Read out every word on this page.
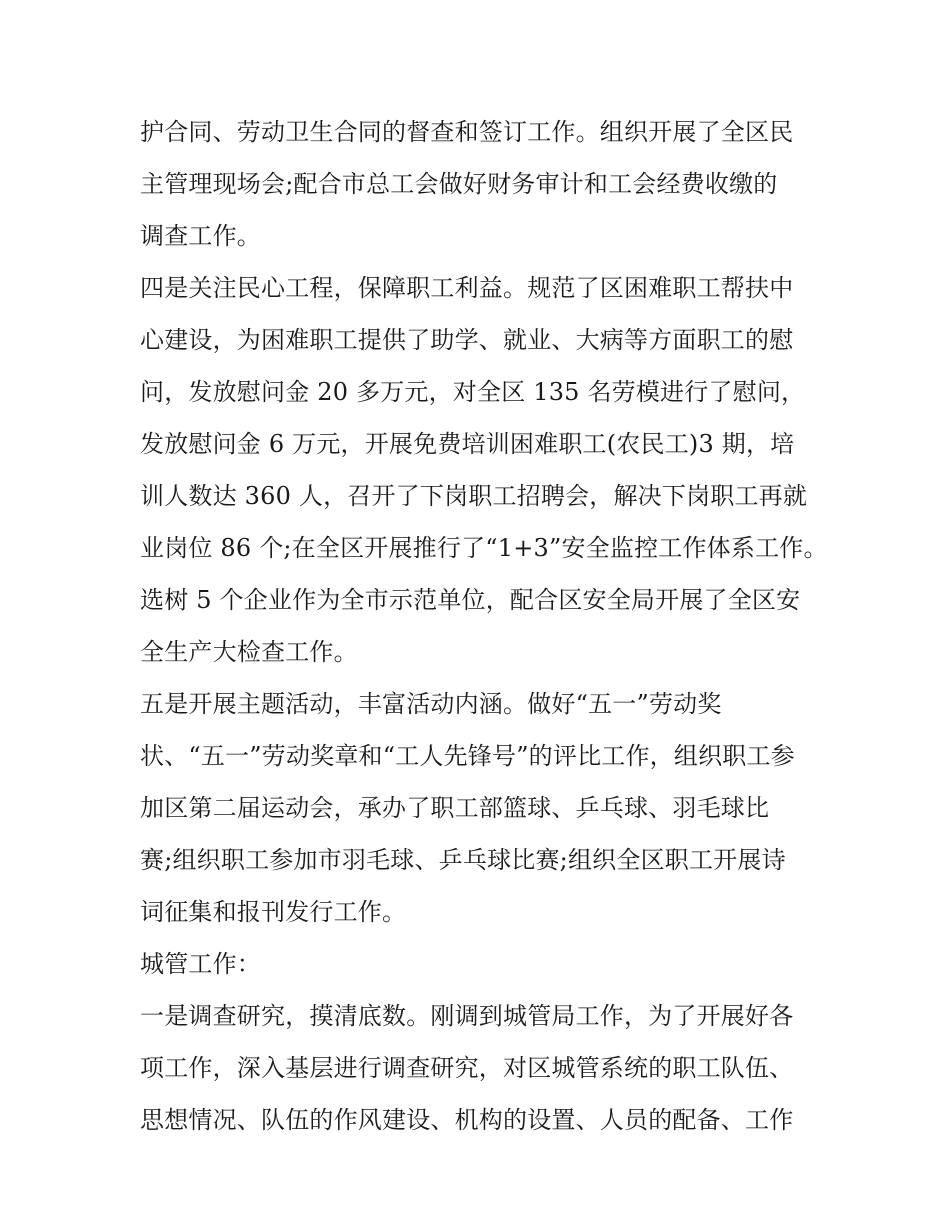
护合同、劳动卫生合同的督查和签订工作。组织开展了全区民
主管理现场会;配合市总工会做好财务审计和工会经费收缴的
调查工作。
四是关注民心工程，保障职工利益。规范了区困难职工帮扶中
心建设，为困难职工提供了助学、就业、大病等方面职工的慰
问，发放慰问金 20 多万元，对全区 135 名劳模进行了慰问，
发放慰问金 6 万元，开展免费培训困难职工(农民工)3 期，培
训人数达 360 人，召开了下岗职工招聘会，解决下岗职工再就
业岗位 86 个;在全区开展推行了“1+3”安全监控工作体系工作。
选树 5 个企业作为全市示范单位，配合区安全局开展了全区安
全生产大检查工作。
五是开展主题活动，丰富活动内涵。做好“五一”劳动奖
状、“五一”劳动奖章和“工人先锋号”的评比工作，组织职工参
加区第二届运动会，承办了职工部篮球、乒乓球、羽毛球比
赛;组织职工参加市羽毛球、乒乓球比赛;组织全区职工开展诗
词征集和报刊发行工作。
城管工作：
一是调查研究，摸清底数。刚调到城管局工作，为了开展好各
项工作，深入基层进行调查研究，对区城管系统的职工队伍、
思想情况、队伍的作风建设、机构的设置、人员的配备、工作
